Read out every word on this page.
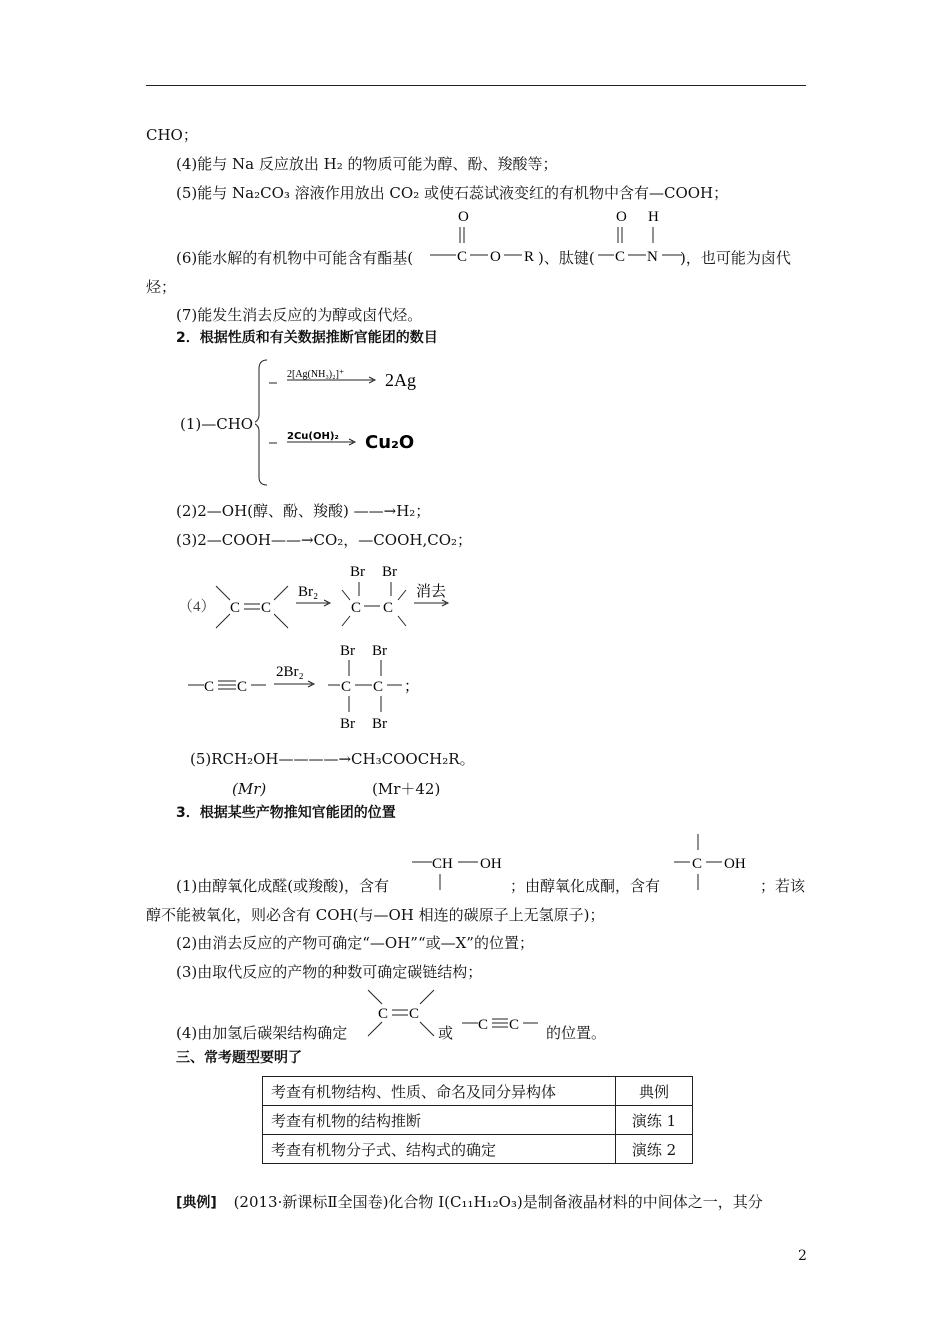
CHO；
(4)能与 Na 反应放出 H₂ 的物质可能为醇、酚、羧酸等；
(5)能与 Na₂CO₃ 溶液作用放出 CO₂ 或使石蕊试液变红的有机物中含有—COOH；
(6)能水解的有机物中可能含有酯基(
O
C O R )、肽键(
O H
C N )，也可能为卤代
烃；
(7)能发生消去反应的为醇或卤代烃。
2．根据性质和有关数据推断官能团的数目
(1)—CHO
2[Ag(NH₃)₂]⁺ 2Ag
2Cu(OH)₂ Cu₂O
(2)2—OH(醇、酚、羧酸) ——→H₂；
(3)2—COOH——→CO₂，—COOH,CO₂；
（4） C C
Br₂
Br Br
C C
消去
C C
2Br₂
Br Br
C C
Br Br
；
(5)RCH₂OH————→CH₃COOCH₂R。
(Mr)	(Mr＋42)
3．根据某些产物推知官能团的位置
CH OH	C OH
(1)由醇氧化成醛(或羧酸)，含有	；由醇氧化成酮，含有	；若该
醇不能被氧化，则必含有 COH(与—OH 相连的碳原子上无氢原子)；
(2)由消去反应的产物可确定“—OH”“或—X”的位置；
(3)由取代反应的产物的种数可确定碳链结构；
C C
C C
(4)由加氢后碳架结构确定	或	的位置。
三、常考题型要明了
考查有机物结构、性质、命名及同分异构体	典例
考查有机物的结构推断	演练 1
考查有机物分子式、结构式的确定	演练 2
[典例] (2013·新课标Ⅱ全国卷)化合物 I(C₁₁H₁₂O₃)是制备液晶材料的中间体之一，其分
2
